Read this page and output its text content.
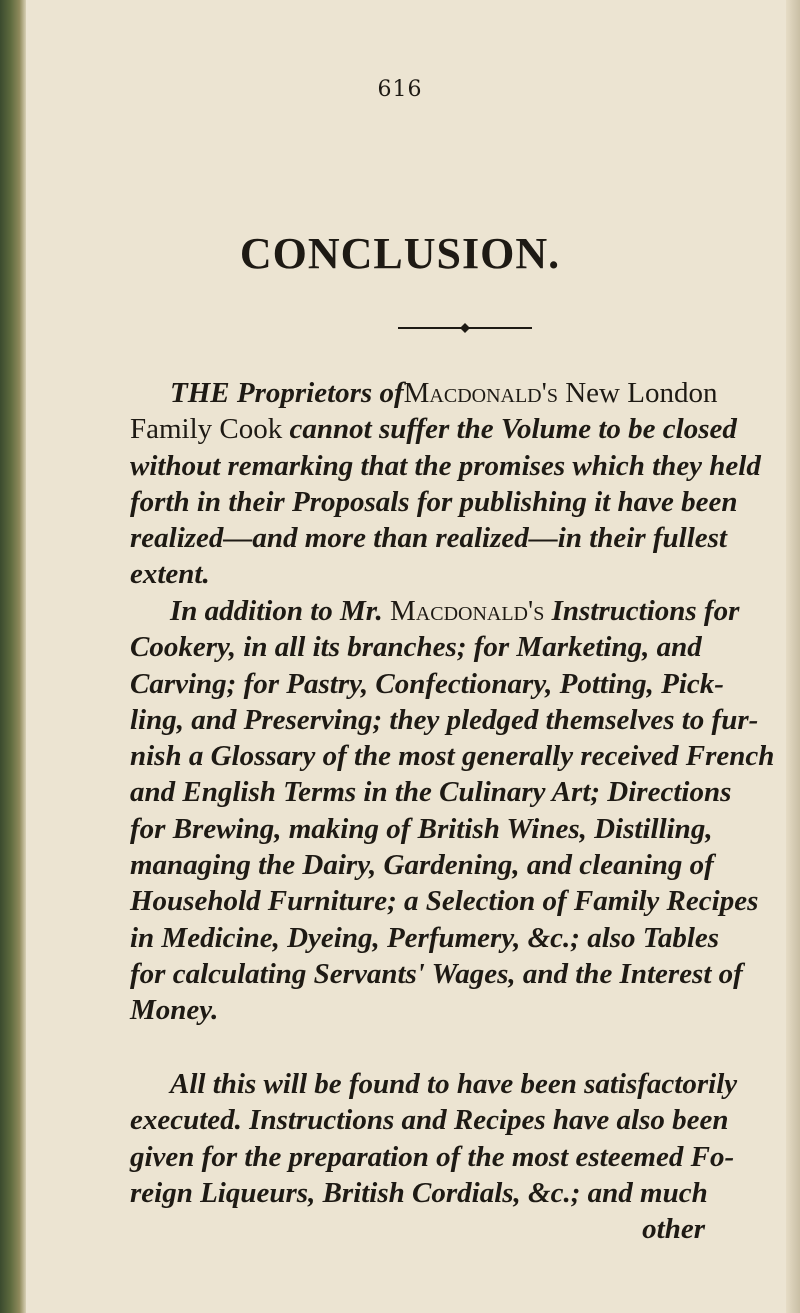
616
CONCLUSION.
THE Proprietors ofMacdonald's New London
Family Cook cannot suffer the Volume to be closed
without remarking that the promises which they held
forth in their Proposals for publishing it have been
realized—and more than realized—in their fullest
extent.
In addition to Mr. Macdonald's Instructions for
Cookery, in all its branches; for Marketing, and
Carving; for Pastry, Confectionary, Potting, Pick-
ling, and Preserving; they pledged themselves to fur-
nish a Glossary of the most generally received French
and English Terms in the Culinary Art; Directions
for Brewing, making of British Wines, Distilling,
managing the Dairy, Gardening, and cleaning of
Household Furniture; a Selection of Family Recipes
in Medicine, Dyeing, Perfumery, &c.; also Tables
for calculating Servants' Wages, and the Interest of
Money.
All this will be found to have been satisfactorily
executed. Instructions and Recipes have also been
given for the preparation of the most esteemed Fo-
reign Liqueurs, British Cordials, &c.; and much
other
